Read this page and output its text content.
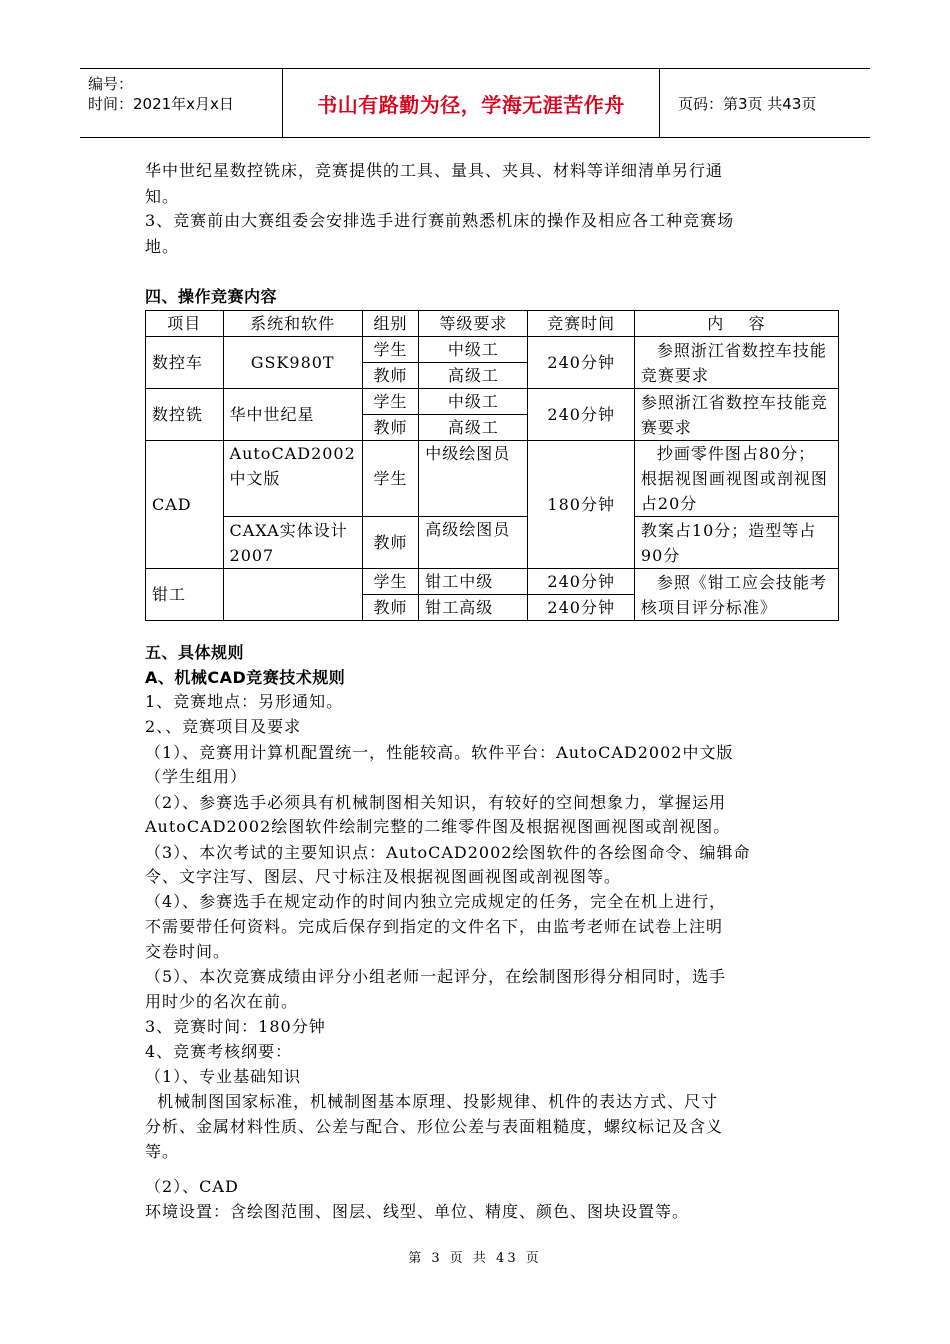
编号：
时间：2021年x月x日	书山有路勤为径，学海无涯苦作舟	页码：第3页 共43页
华中世纪星数控铣床，竞赛提供的工具、量具、夹具、材料等详细清单另行通
知。
3、竞赛前由大赛组委会安排选手进行赛前熟悉机床的操作及相应各工种竞赛场
地。
四、操作竞赛内容
项目	系统和软件	组别	等级要求	竞赛时间	内    容
数控车	GSK980T	学生	中级工	240分钟	参照浙江省数控车技能竞赛要求
		教师	高级工		
数控铣	华中世纪星	学生	中级工	240分钟	参照浙江省数控车技能竞赛要求
		教师	高级工		
CAD	AutoCAD2002中文版	学生	中级绘图员	180分钟	抄画零件图占80分；根据视图画视图或剖视图占20分
	CAXA实体设计2007	教师	高级绘图员		教案占10分；造型等占90分
钳工		学生	钳工中级	240分钟	参照《钳工应会技能考核项目评分标准》
		教师	钳工高级	240分钟	
五、具体规则
A、机械CAD竞赛技术规则
1、竞赛地点：另形通知。
2、、竞赛项目及要求
（1）、竞赛用计算机配置统一，性能较高。软件平台：AutoCAD2002中文版
（学生组用）
（2）、参赛选手必须具有机械制图相关知识，有较好的空间想象力，掌握运用
AutoCAD2002绘图软件绘制完整的二维零件图及根据视图画视图或剖视图。
（3）、本次考试的主要知识点：AutoCAD2002绘图软件的各绘图命令、编辑命
令、文字注写、图层、尺寸标注及根据视图画视图或剖视图等。
（4）、参赛选手在规定动作的时间内独立完成规定的任务，完全在机上进行，
不需要带任何资料。完成后保存到指定的文件名下，由监考老师在试卷上注明
交卷时间。
（5）、本次竞赛成绩由评分小组老师一起评分，在绘制图形得分相同时，选手
用时少的名次在前。
3、竞赛时间：180分钟
4、竞赛考核纲要：
（1）、专业基础知识
机械制图国家标准，机械制图基本原理、投影规律、机件的表达方式、尺寸
分析、金属材料性质、公差与配合、形位公差与表面粗糙度，螺纹标记及含义
等。
（2）、CAD
环境设置：含绘图范围、图层、线型、单位、精度、颜色、图块设置等。
第 3 页 共 43 页
